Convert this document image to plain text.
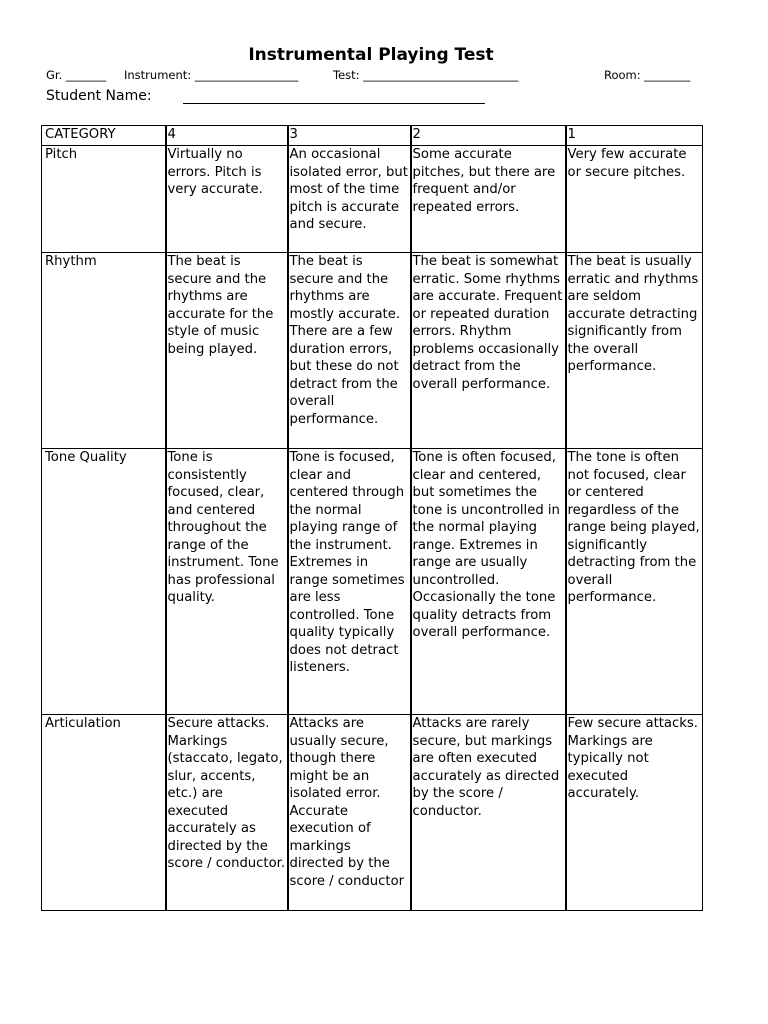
Instrumental Playing Test
Gr. _______ Instrument: __________________	Test: ___________________________	Room: ________
Student Name:
CATEGORY	4	3	2	1
Pitch	Virtually no errors. Pitch is very accurate.	An occasional isolated error, but most of the time pitch is accurate and secure.	Some accurate pitches, but there are frequent and/or repeated errors.	Very few accurate or secure pitches.
Rhythm	The beat is secure and the rhythms are accurate for the style of music being played.	The beat is secure and the rhythms are mostly accurate. There are a few duration errors, but these do not detract from the overall performance.	The beat is somewhat erratic. Some rhythms are accurate. Frequent or repeated duration errors. Rhythm problems occasionally detract from the overall performance.	The beat is usually erratic and rhythms are seldom accurate detracting significantly from the overall performance.
Tone Quality	Tone is consistently focused, clear, and centered throughout the range of the instrument. Tone has professional quality.	Tone is focused, clear and centered through the normal playing range of the instrument. Extremes in range sometimes are less controlled. Tone quality typically does not detract listeners.	Tone is often focused, clear and centered, but sometimes the tone is uncontrolled in the normal playing range. Extremes in range are usually uncontrolled. Occasionally the tone quality detracts from overall performance.	The tone is often not focused, clear or centered regardless of the range being played, significantly detracting from the overall performance.
Articulation	Secure attacks. Markings (staccato, legato, slur, accents, etc.) are executed accurately as directed by the score / conductor.	Attacks are usually secure, though there might be an isolated error. Accurate execution of markings directed by the score / conductor	Attacks are rarely secure, but markings are often executed accurately as directed by the score / conductor.	Few secure attacks. Markings are typically not executed accurately.
